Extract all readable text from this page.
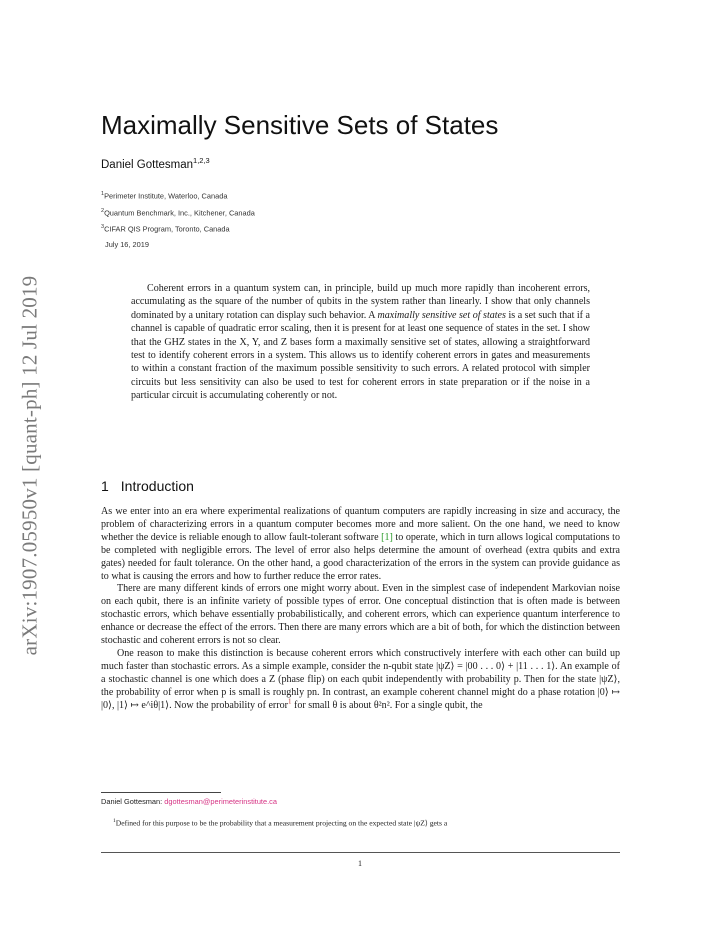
arXiv:1907.05950v1 [quant-ph] 12 Jul 2019
Maximally Sensitive Sets of States
Daniel Gottesman$^{1,2,3}$
$^1$Perimeter Institute, Waterloo, Canada
$^2$Quantum Benchmark, Inc., Kitchener, Canada
$^3$CIFAR QIS Program, Toronto, Canada
July 16, 2019
Coherent errors in a quantum system can, in principle, build up much more rapidly than incoherent errors, accumulating as the square of the number of qubits in the system rather than linearly. I show that only channels dominated by a unitary rotation can display such behavior. A maximally sensitive set of states is a set such that if a channel is capable of quadratic error scaling, then it is present for at least one sequence of states in the set. I show that the GHZ states in the X, Y, and Z bases form a maximally sensitive set of states, allowing a straightforward test to identify coherent errors in a system. This allows us to identify coherent errors in gates and measurements to within a constant fraction of the maximum possible sensitivity to such errors. A related protocol with simpler circuits but less sensitivity can also be used to test for coherent errors in state preparation or if the noise in a particular circuit is accumulating coherently or not.
1 Introduction

As we enter into an era where experimental realizations of quantum computers are rapidly increasing in size and accuracy, the problem of characterizing errors in a quantum computer becomes more and more salient. On the one hand, we need to know whether the device is reliable enough to allow fault-tolerant software [1] to operate, which in turn allows logical computations to be completed with negligible errors. The level of error also helps determine the amount of overhead (extra qubits and extra gates) needed for fault tolerance. On the other hand, a good characterization of the errors in the system can provide guidance as to what is causing the errors and how to further reduce the error rates.

There are many different kinds of errors one might worry about. Even in the simplest case of independent Markovian noise on each qubit, there is an infinite variety of possible types of error. One conceptual distinction that is often made is between stochastic errors, which behave essentially probabilistically, and coherent errors, which can experience quantum interference to enhance or decrease the effect of the errors. Then there are many errors which are a bit of both, for which the distinction between stochastic and coherent errors is not so clear.

One reason to make this distinction is because coherent errors which constructively interfere with each other can build up much faster than stochastic errors. As a simple example, consider the n-qubit state |ψZ⟩ = |00 . . . 0⟩ + |11 . . . 1⟩. An example of a stochastic channel is one which does a Z (phase flip) on each qubit independently with probability p. Then for the state |ψZ⟩, the probability of error when p is small is roughly pn. In contrast, an example coherent channel might do a phase rotation |0⟩ ↦ |0⟩, |1⟩ ↦ e^iθ|1⟩. Now the probability of error$^1$ for small θ is about θ²n². For a single qubit, the

Daniel Gottesman: dgottesman@perimeterinstitute.ca
$^1$Defined for this purpose to be the probability that a measurement projecting on the expected state |ψZ⟩ gets a
1
